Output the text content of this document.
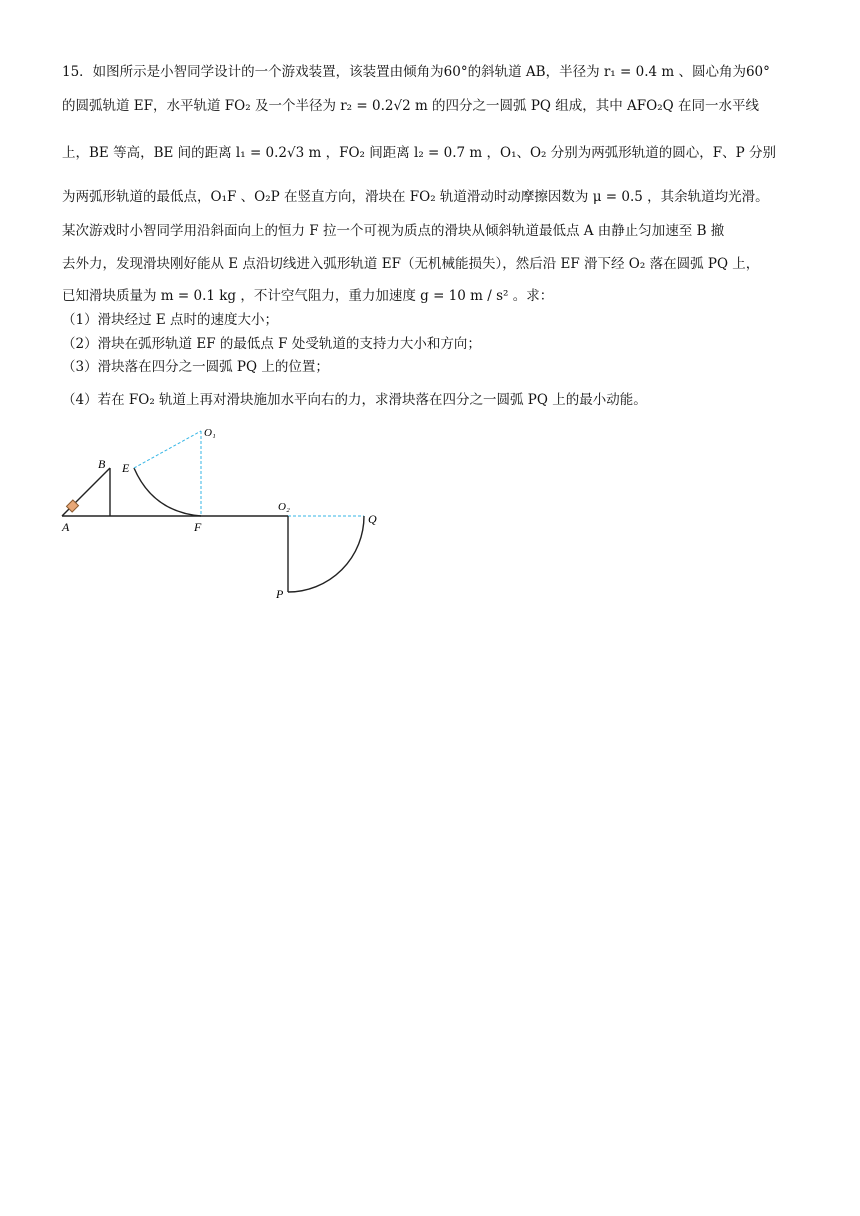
15．如图所示是小智同学设计的一个游戏装置，该装置由倾角为60°的斜轨道 AB，半径为 r₁ = 0.4 m 、圆心角为60°
的圆弧轨道 EF，水平轨道 FO₂ 及一个半径为 r₂ = 0.2√2 m 的四分之一圆弧 PQ 组成，其中 AFO₂Q 在同一水平线
上，BE 等高，BE 间的距离 l₁ = 0.2√3 m ，FO₂ 间距离 l₂ = 0.7 m ，O₁、O₂ 分别为两弧形轨道的圆心，F、P 分别
为两弧形轨道的最低点，O₁F 、O₂P 在竖直方向，滑块在 FO₂ 轨道滑动时动摩擦因数为 μ = 0.5 ，其余轨道均光滑。
某次游戏时小智同学用沿斜面向上的恒力 F 拉一个可视为质点的滑块从倾斜轨道最低点 A 由静止匀加速至 B 撤
去外力，发现滑块刚好能从 E 点沿切线进入弧形轨道 EF（无机械能损失），然后沿 EF 滑下经 O₂ 落在圆弧 PQ 上，
已知滑块质量为 m = 0.1 kg ，不计空气阻力，重力加速度 g = 10 m / s² 。求：
（1）滑块经过 E 点时的速度大小；
（2）滑块在弧形轨道 EF 的最低点 F 处受轨道的支持力大小和方向；
（3）滑块落在四分之一圆弧 PQ 上的位置；
（4）若在 FO₂ 轨道上再对滑块施加水平向右的力，求滑块落在四分之一圆弧 PQ 上的最小动能。
A
B E
O₁
F
O₂
Q
P
